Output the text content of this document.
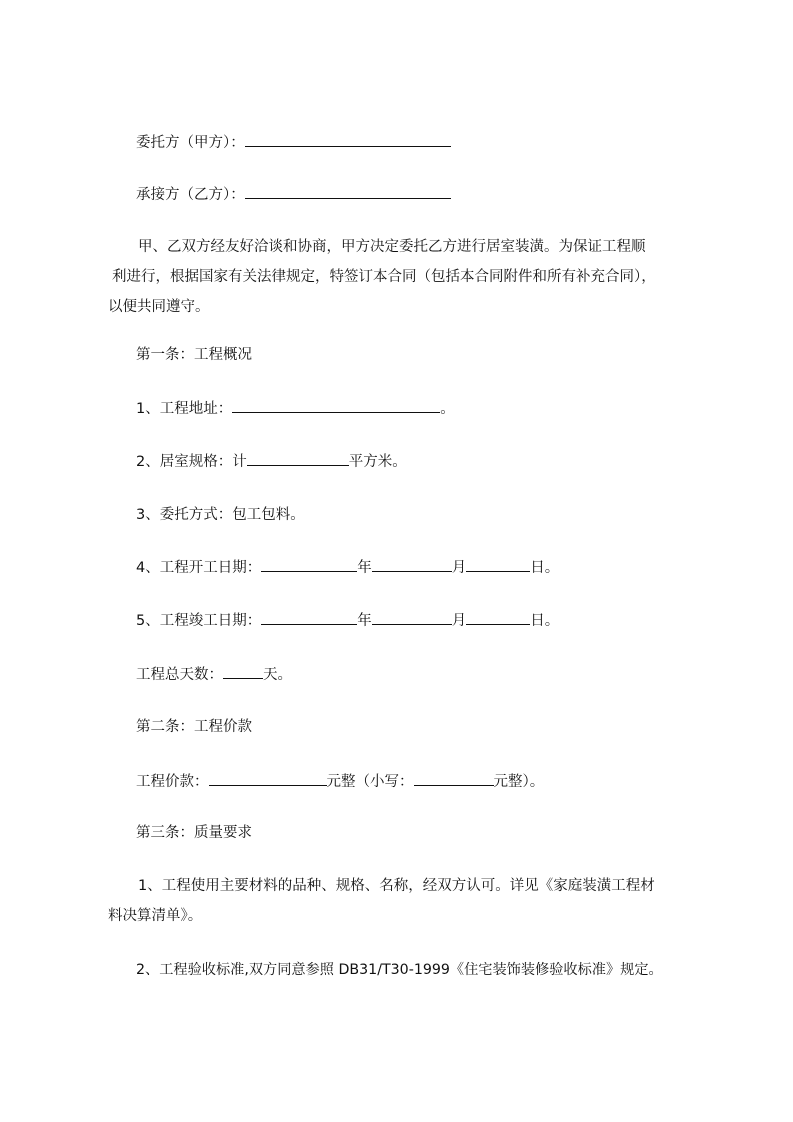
委托方（甲方）：
承接方（乙方）：
甲、乙双方经友好洽谈和协商，甲方决定委托乙方进行居室装潢。为保证工程顺
利进行，根据国家有关法律规定，特签订本合同（包括本合同附件和所有补充合同），
以便共同遵守。
第一条：工程概况
1、工程地址：	。
2、居室规格：计	平方米。
3、委托方式：包工包料。
4、工程开工日期：	年	月	日。
5、工程竣工日期：	年	月	日。
工程总天数：	天。
第二条：工程价款
工程价款：	元整（小写：	元整）。
第三条：质量要求
1、工程使用主要材料的品种、规格、名称，经双方认可。详见《家庭装潢工程材
料决算清单》。
2、工程验收标准,双方同意参照 DB31/T30-1999《住宅装饰装修验收标准》规定。
